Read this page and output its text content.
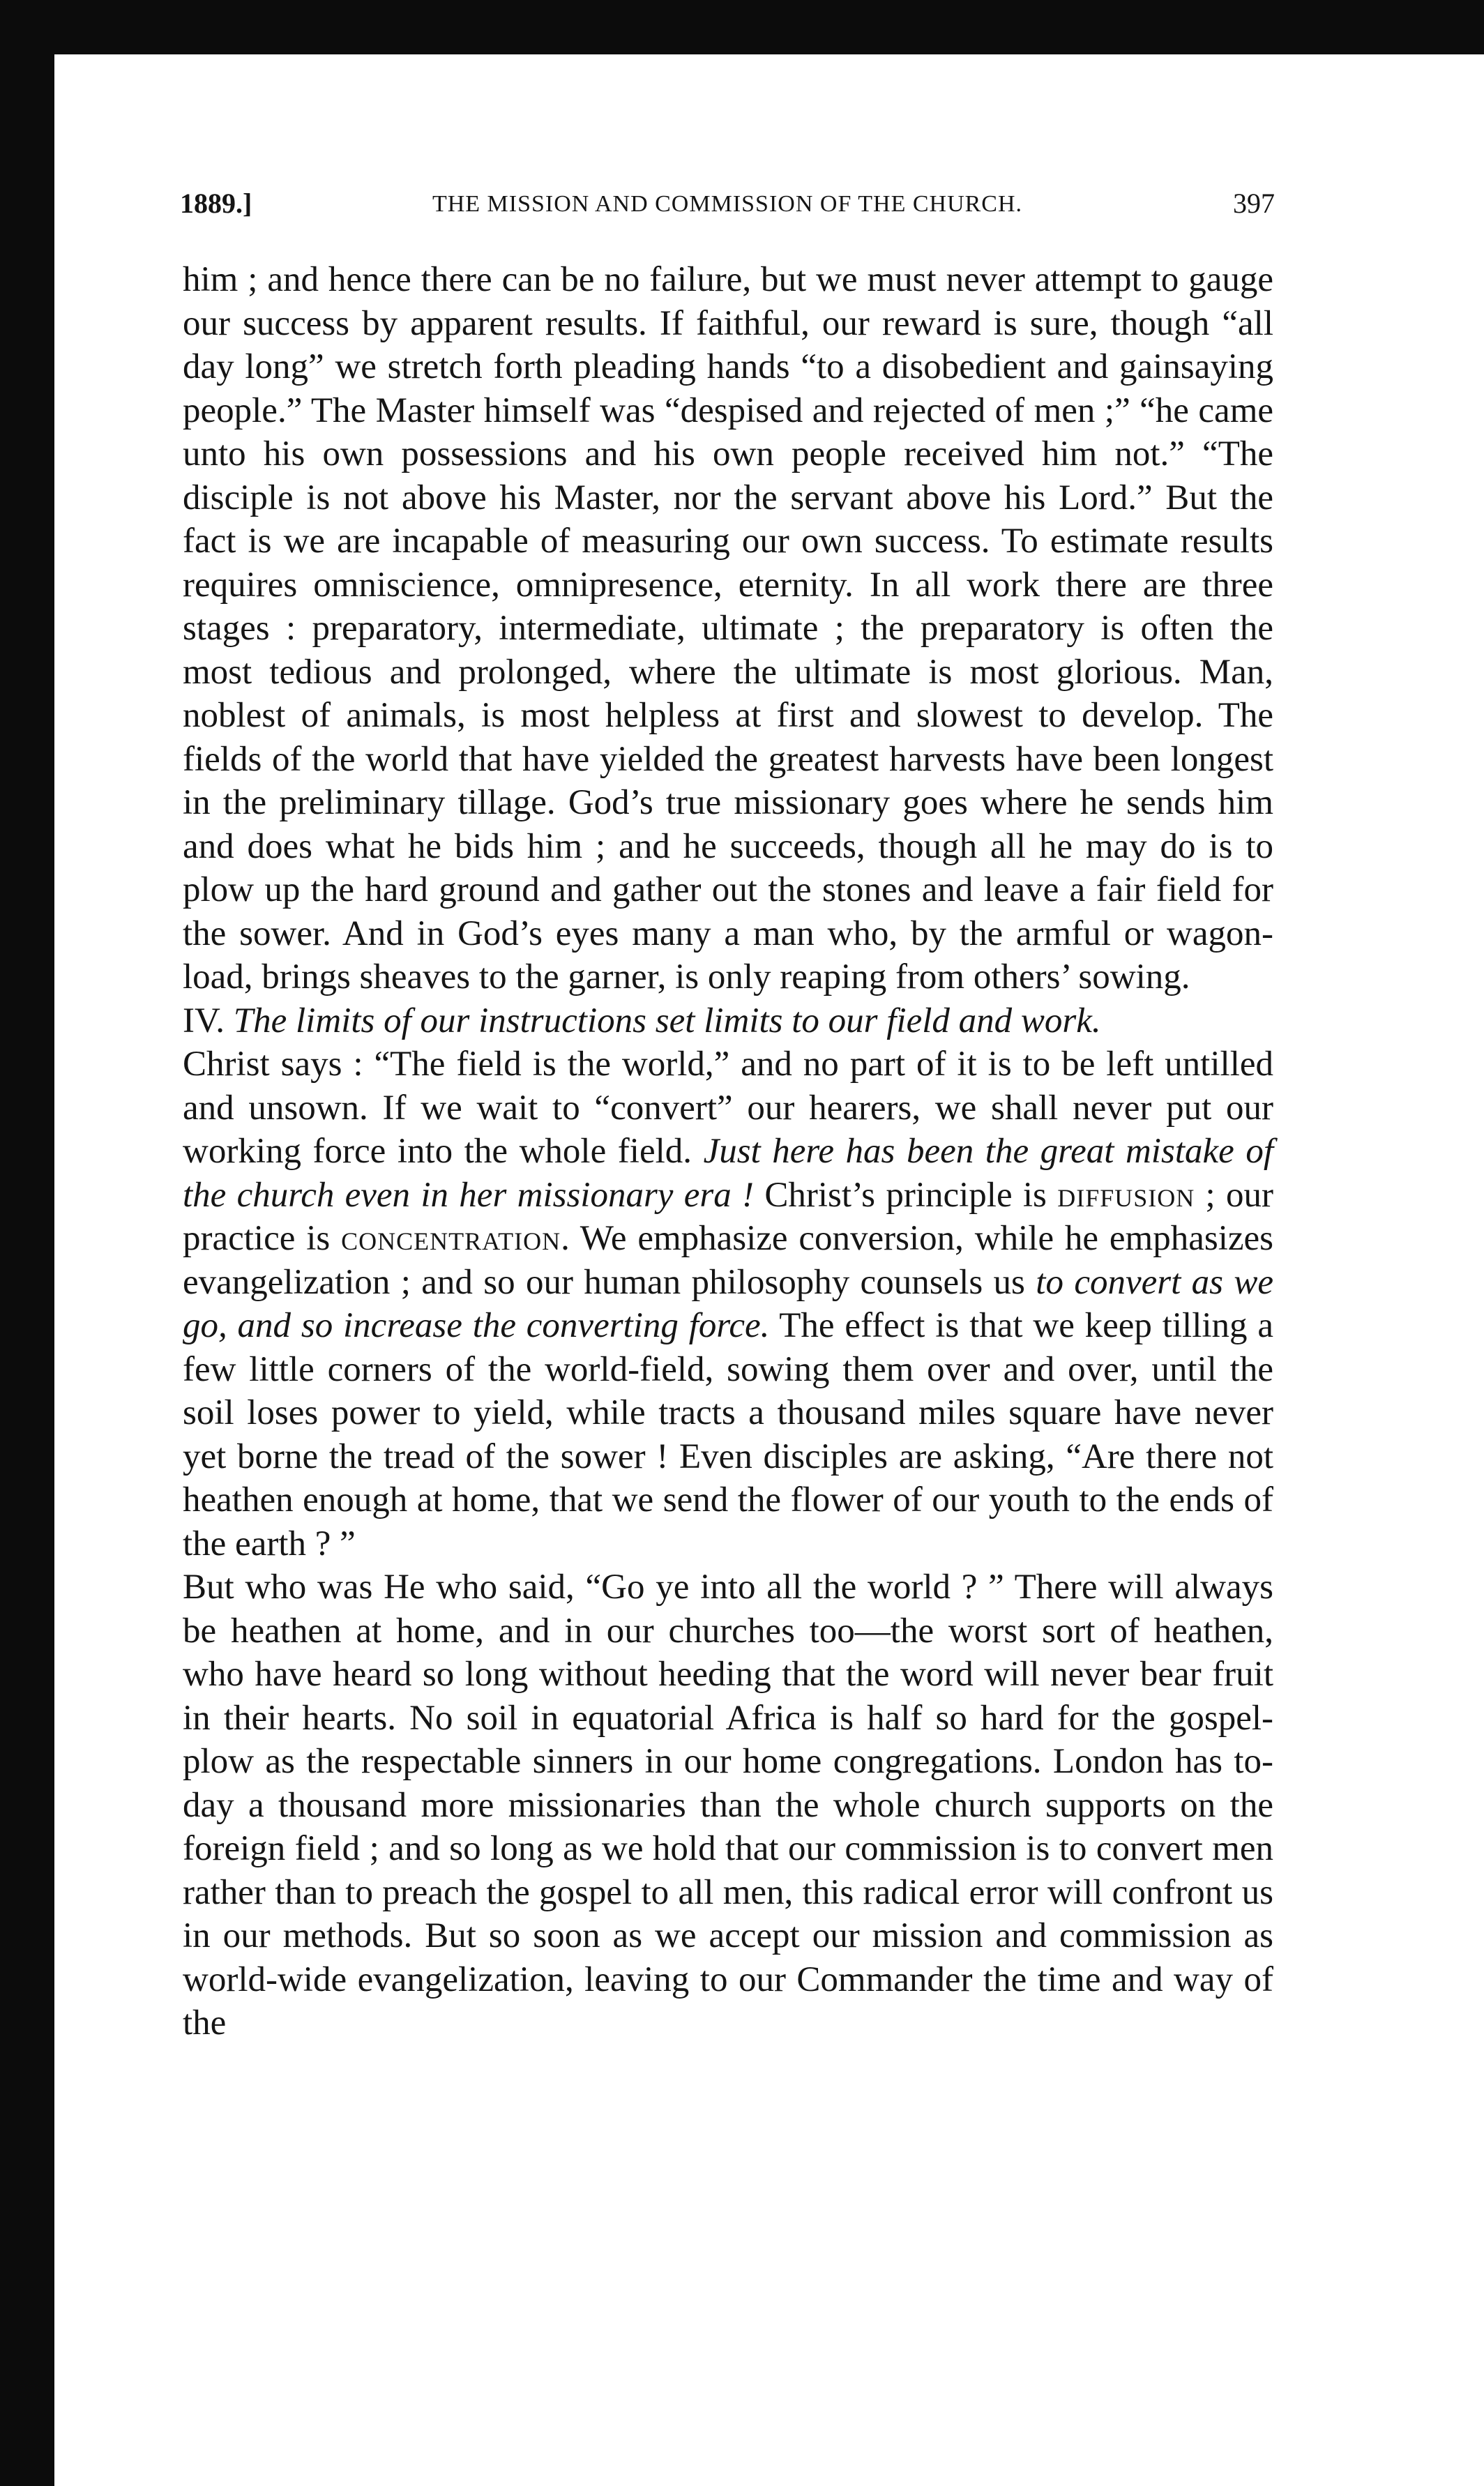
1889.]	THE MISSION AND COMMISSION OF THE CHURCH.	397

him ; and hence there can be no failure, but we must never attempt to gauge our success by apparent results. If faithful, our reward is sure, though “all day long” we stretch forth pleading hands “to a disobedient and gainsaying people.” The Master himself was “despised and rejected of men ;” “he came unto his own possessions and his own people received him not.” “The disciple is not above his Master, nor the servant above his Lord.” But the fact is we are incapable of measuring our own success. To estimate results requires omniscience, omnipresence, eternity. In all work there are three stages : preparatory, intermediate, ultimate ; the preparatory is often the most tedious and prolonged, where the ultimate is most glorious. Man, noblest of animals, is most helpless at first and slowest to develop. The fields of the world that have yielded the greatest harvests have been longest in the preliminary tillage. God’s true missionary goes where he sends him and does what he bids him ; and he succeeds, though all he may do is to plow up the hard ground and gather out the stones and leave a fair field for the sower. And in God’s eyes many a man who, by the armful or wagon-load, brings sheaves to the garner, is only reaping from others’ sowing.

IV. The limits of our instructions set limits to our field and work.

Christ says : “The field is the world,” and no part of it is to be left untilled and unsown. If we wait to “convert” our hearers, we shall never put our working force into the whole field. Just here has been the great mistake of the church even in her missionary era ! Christ’s principle is diffusion ; our practice is concentration. We emphasize conversion, while he emphasizes evangelization ; and so our human philosophy counsels us to convert as we go, and so increase the converting force. The effect is that we keep tilling a few little corners of the world-field, sowing them over and over, until the soil loses power to yield, while tracts a thousand miles square have never yet borne the tread of the sower ! Even disciples are asking, “Are there not heathen enough at home, that we send the flower of our youth to the ends of the earth ? ”

But who was He who said, “Go ye into all the world ? ” There will always be heathen at home, and in our churches too—the worst sort of heathen, who have heard so long without heeding that the word will never bear fruit in their hearts. No soil in equatorial Africa is half so hard for the gospel-plow as the respectable sinners in our home congregations. London has to-day a thousand more missionaries than the whole church supports on the foreign field ; and so long as we hold that our commission is to convert men rather than to preach the gospel to all men, this radical error will confront us in our methods. But so soon as we accept our mission and commission as world-wide evangelization, leaving to our Commander the time and way of the
